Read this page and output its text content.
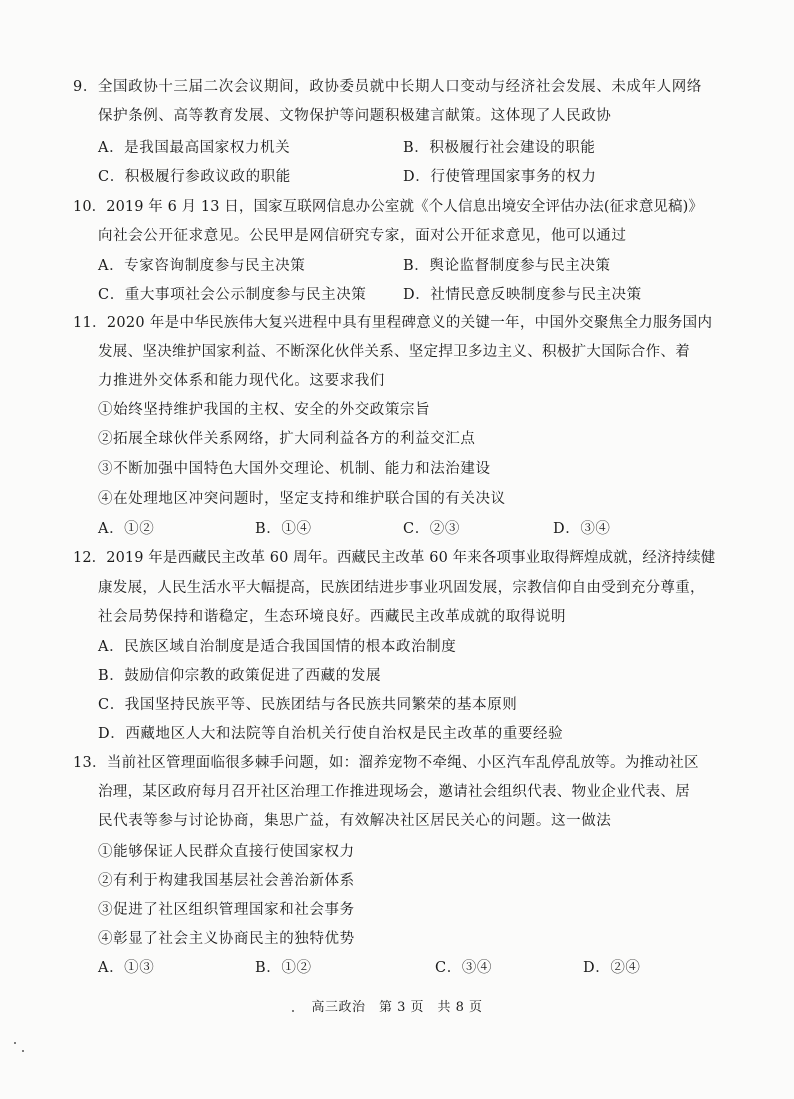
9．全国政协十三届二次会议期间，政协委员就中长期人口变动与经济社会发展、未成年人网络
保护条例、高等教育发展、文物保护等问题积极建言献策。这体现了人民政协
A．是我国最高国家权力机关	B．积极履行社会建设的职能
C．积极履行参政议政的职能	D．行使管理国家事务的权力
10．2019 年 6 月 13 日，国家互联网信息办公室就《个人信息出境安全评估办法(征求意见稿)》
向社会公开征求意见。公民甲是网信研究专家，面对公开征求意见，他可以通过
A．专家咨询制度参与民主决策	B．舆论监督制度参与民主决策
C．重大事项社会公示制度参与民主决策	D．社情民意反映制度参与民主决策
11．2020 年是中华民族伟大复兴进程中具有里程碑意义的关键一年，中国外交聚焦全力服务国内
发展、坚决维护国家利益、不断深化伙伴关系、坚定捍卫多边主义、积极扩大国际合作、着
力推进外交体系和能力现代化。这要求我们
①始终坚持维护我国的主权、安全的外交政策宗旨
②拓展全球伙伴关系网络，扩大同利益各方的利益交汇点
③不断加强中国特色大国外交理论、机制、能力和法治建设
④在处理地区冲突问题时，坚定支持和维护联合国的有关决议
A．①②	B．①④	C．②③	D．③④
12．2019 年是西藏民主改革 60 周年。西藏民主改革 60 年来各项事业取得辉煌成就，经济持续健
康发展，人民生活水平大幅提高，民族团结进步事业巩固发展，宗教信仰自由受到充分尊重，
社会局势保持和谐稳定，生态环境良好。西藏民主改革成就的取得说明
A．民族区域自治制度是适合我国国情的根本政治制度
B．鼓励信仰宗教的政策促进了西藏的发展
C．我国坚持民族平等、民族团结与各民族共同繁荣的基本原则
D．西藏地区人大和法院等自治机关行使自治权是民主改革的重要经验
13．当前社区管理面临很多棘手问题，如：溜养宠物不牵绳、小区汽车乱停乱放等。为推动社区
治理，某区政府每月召开社区治理工作推进现场会，邀请社会组织代表、物业企业代表、居
民代表等参与讨论协商，集思广益，有效解决社区居民关心的问题。这一做法
①能够保证人民群众直接行使国家权力
②有利于构建我国基层社会善治新体系
③促进了社区组织管理国家和社会事务
④彰显了社会主义协商民主的独特优势
A．①③	B．①②	C．③④	D．②④
高三政治　第 3 页　共 8 页
